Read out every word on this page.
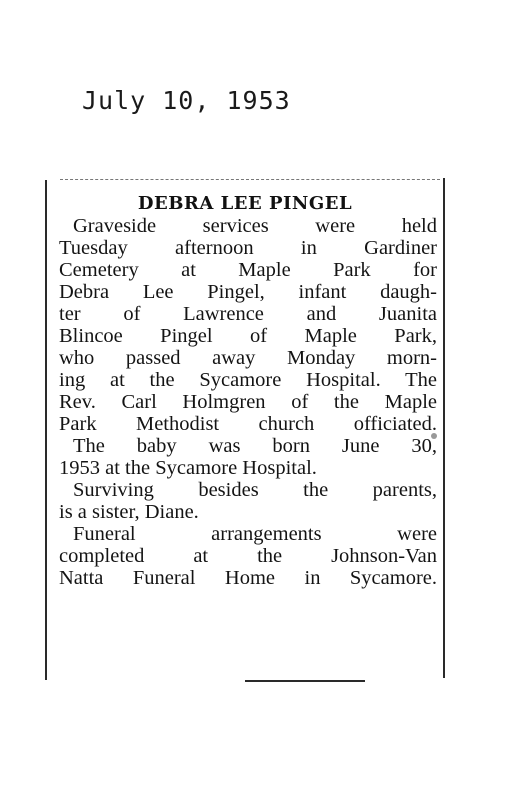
July 10, 1953
DEBRA LEE PINGEL
Graveside services were held
Tuesday afternoon in Gardiner
Cemetery at Maple Park for
Debra Lee Pingel, infant daugh-
ter of Lawrence and Juanita
Blincoe Pingel of Maple Park,
who passed away Monday morn-
ing at the Sycamore Hospital. The
Rev. Carl Holmgren of the Maple
Park Methodist church officiated.
The baby was born June 30,
1953 at the Sycamore Hospital.
Surviving besides the parents,
is a sister, Diane.
Funeral arrangements were
completed at the Johnson-Van
Natta Funeral Home in Sycamore.
